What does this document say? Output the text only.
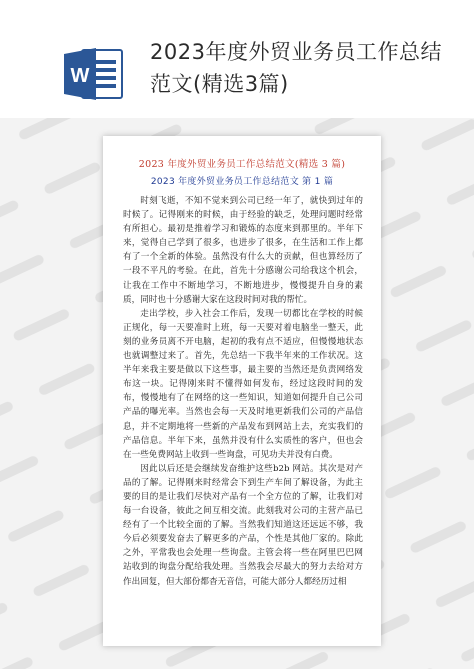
W
2023年度外贸业务员工作总结范文(精选3篇)
2023 年度外贸业务员工作总结范文(精选 3 篇)
2023 年度外贸业务员工作总结范文 第 1 篇

时刻飞逝，不知不觉来到公司已经一年了，就快到过年的时候了。记得刚来的时候，由于经验的缺乏，处理问题时经常有所担心。最初是推着学习和锻炼的态度来到那里的。半年下来，觉得自己学到了很多，也进步了很多，在生活和工作上都有了一个全新的体验。虽然没有什么大的贡献，但也算经历了一段不平凡的考验。在此，首先十分感谢公司给我这个机会，让我在工作中不断地学习，不断地进步，慢慢提升自身的素质，同时也十分感谢大家在这段时间对我的帮忙。

走出学校，步入社会工作后，发现一切都比在学校的时候正规化，每一天要准时上班，每一天要对着电脑坐一整天，此刻的业务员离不开电脑，起初的我有点不适应，但慢慢地状态也就调整过来了。首先，先总结一下我半年来的工作状况。这半年来我主要是做以下这些事，最主要的当然还是负责网络发布这一块。记得刚来时不懂得如何发布，经过这段时间的发布，慢慢地有了在网络的这一些知识，知道如何提升自己公司产品的曝光率。当然也会每一天及时地更新我们公司的产品信息，并不定期地将一些新的产品发布到网站上去，充实我们的产品信息。半年下来，虽然并没有什么实质性的客户，但也会在一些免费网站上收到一些询盘，可见功夫并没有白费。

因此以后还是会继续发奋维护这些b2b 网站。其次是对产品的了解。记得刚来时经常会下到生产车间了解设备，为此主要的目的是让我们尽快对产品有一个全方位的了解，让我们对每一台设备，彼此之间互相交流。此刻我对公司的主营产品已经有了一个比较全面的了解。当然我们知道这还远远不够，我今后必须要发奋去了解更多的产品，个性是其他厂家的。除此之外，平常我也会处理一些询盘。主管会将一些在阿里巴巴网站收到的询盘分配给我处理。当然我会尽最大的努力去给对方作出回复，但大部份都杳无音信，可能大部分人都经历过相
